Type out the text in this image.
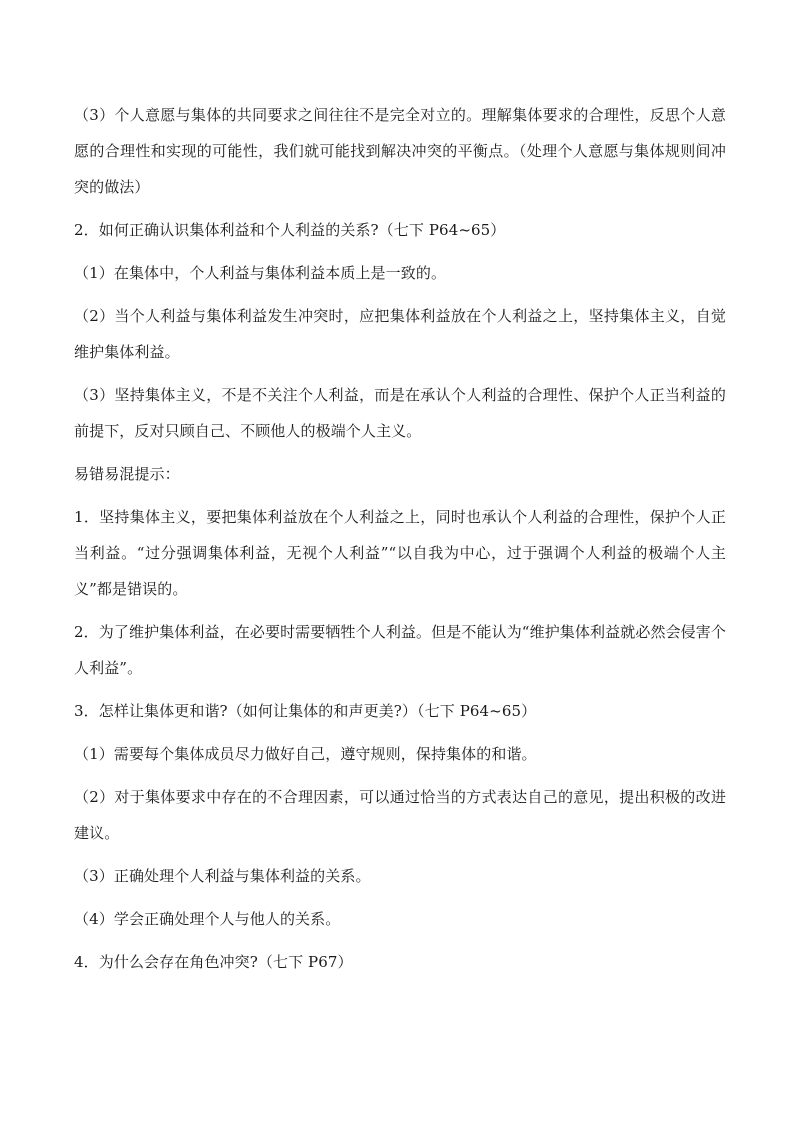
（3）个人意愿与集体的共同要求之间往往不是完全对立的。理解集体要求的合理性，反思个人意愿的合理性和实现的可能性，我们就可能找到解决冲突的平衡点。（处理个人意愿与集体规则间冲突的做法）

2．如何正确认识集体利益和个人利益的关系?（七下 P64~65）

（1）在集体中，个人利益与集体利益本质上是一致的。

（2）当个人利益与集体利益发生冲突时，应把集体利益放在个人利益之上，坚持集体主义，自觉维护集体利益。

（3）坚持集体主义，不是不关注个人利益，而是在承认个人利益的合理性、保护个人正当利益的前提下，反对只顾自己、不顾他人的极端个人主义。

易错易混提示：

1．坚持集体主义，要把集体利益放在个人利益之上，同时也承认个人利益的合理性，保护个人正当利益。“过分强调集体利益，无视个人利益”“以自我为中心，过于强调个人利益的极端个人主义”都是错误的。

2．为了维护集体利益，在必要时需要牺牲个人利益。但是不能认为“维护集体利益就必然会侵害个人利益”。

3．怎样让集体更和谐?（如何让集体的和声更美?）（七下 P64~65）

（1）需要每个集体成员尽力做好自己，遵守规则，保持集体的和谐。

（2）对于集体要求中存在的不合理因素，可以通过恰当的方式表达自己的意见，提出积极的改进建议。

（3）正确处理个人利益与集体利益的关系。

（4）学会正确处理个人与他人的关系。

4．为什么会存在角色冲突?（七下 P67）
